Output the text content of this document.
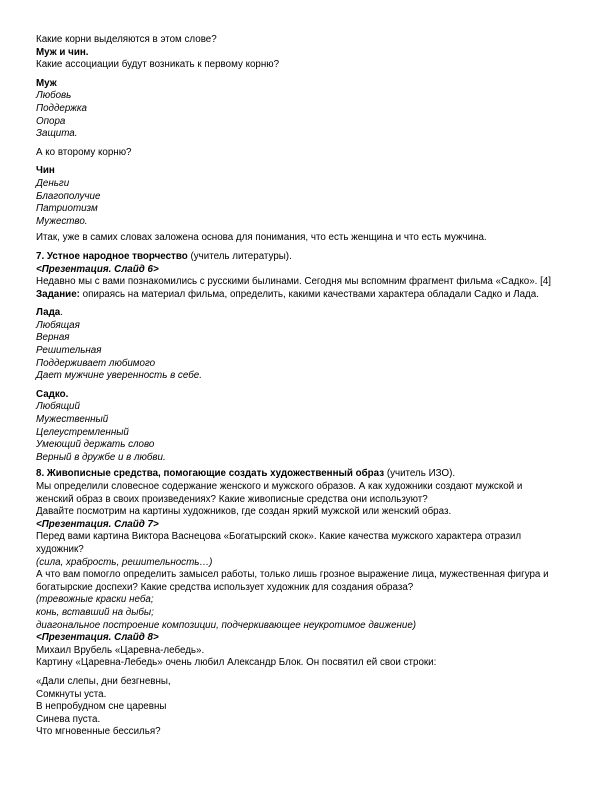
Какие корни выделяются в этом слове?
Муж и чин.
Какие ассоциации будут возникать к первому корню?
Муж
Любовь
Поддержка
Опора
Защита.
А ко второму корню?
Чин
Деньги
Благополучие
Патриотизм
Мужество.
Итак, уже в самих словах заложена основа для понимания, что есть женщина и что есть мужчина.
7. Устное народное творчество (учитель литературы).
<Презентация. Слайд 6>
Недавно мы с вами познакомились с русскими былинами. Сегодня мы вспомним фрагмент фильма «Садко». [4]
Задание: опираясь на материал фильма, определить, какими качествами характера обладали Садко и Лада.
Лада.
Любящая
Верная
Решительная
Поддерживает любимого
Дает мужчине уверенность в себе.
Садко.
Любящий
Мужественный
Целеустремленный
Умеющий держать слово
Верный в дружбе и в любви.
8. Живописные средства, помогающие создать художественный образ (учитель ИЗО).
Мы определили словесное содержание женского и мужского образов. А как художники создают мужской и
женский образ в своих произведениях? Какие живописные средства они используют?
Давайте посмотрим на картины художников, где создан яркий мужской или женский образ.
<Презентация. Слайд 7>
Перед вами картина Виктора Васнецова «Богатырский скок». Какие качества мужского характера отразил
художник?
(сила, храбрость, решительность…)
А что вам помогло определить замысел работы, только лишь грозное выражение лица, мужественная фигура и
богатырские доспехи? Какие средства использует художник для создания образа?
(тревожные краски неба;
конь, вставший на дыбы;
диагональное построение композиции, подчеркивающее неукротимое движение)
<Презентация. Слайд 8>
Михаил Врубель «Царевна-лебедь».
Картину «Царевна-Лебедь» очень любил Александр Блок. Он посвятил ей свои строки:
«Дали слепы, дни безгневны,
Сомкнуты уста.
В непробудном сне царевны
Синева пуста.
Что мгновенные бессилья?
